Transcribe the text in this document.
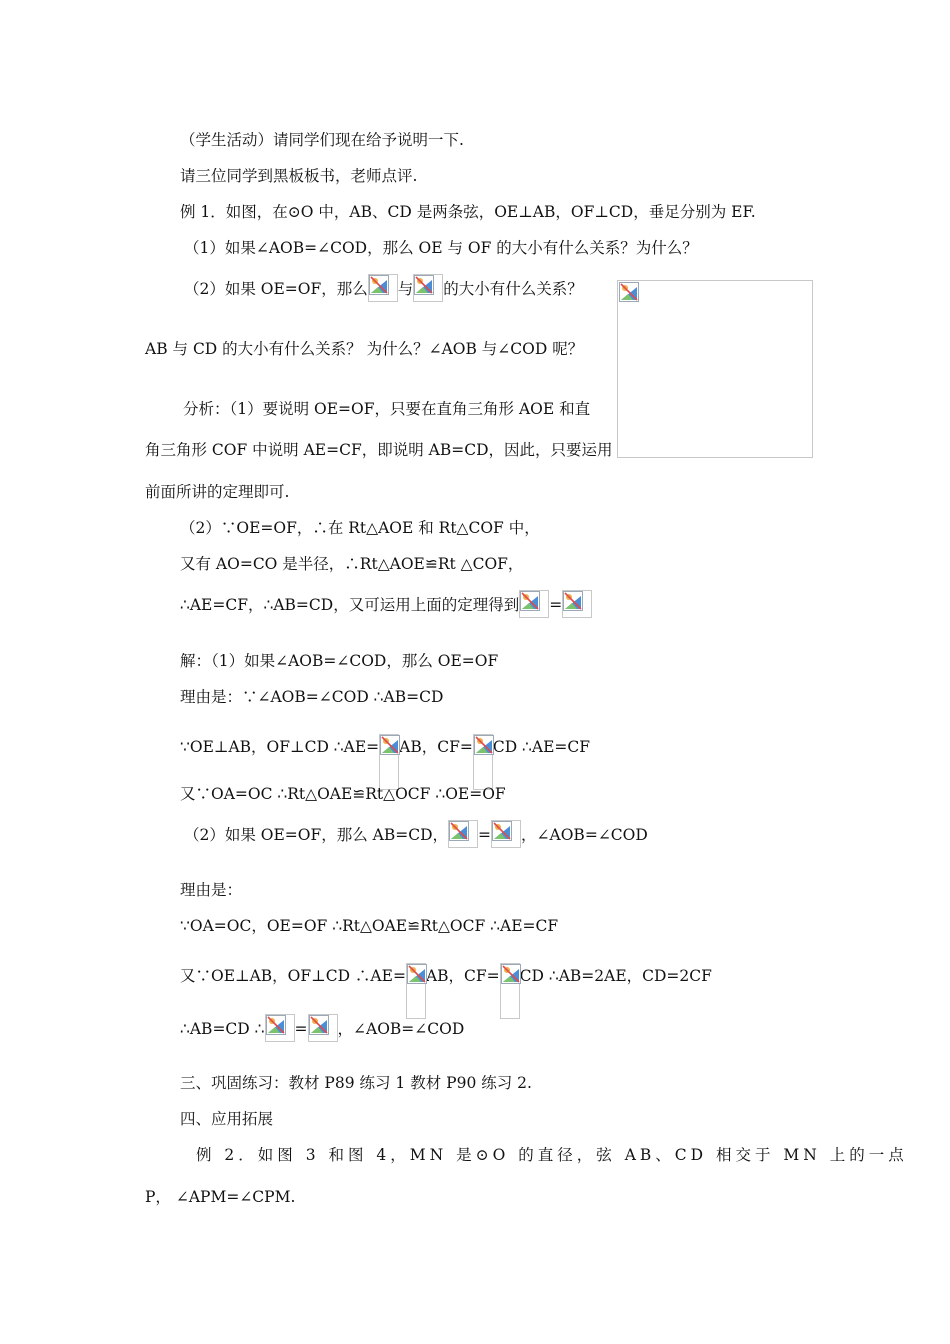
（学生活动）请同学们现在给予说明一下.
请三位同学到黑板板书，老师点评.
例 1．如图，在⊙O 中，AB、CD 是两条弦，OE⊥AB，OF⊥CD，垂足分别为 EF.
（1）如果∠AOB=∠COD，那么 OE 与 OF 的大小有什么关系？为什么？
（2）如果 OE=OF，那么 与 的大小有什么关系？
AB 与 CD 的大小有什么关系？ 为什么？∠AOB 与∠COD 呢？
分析：（1）要说明 OE=OF，只要在直角三角形 AOE 和直
角三角形 COF 中说明 AE=CF，即说明 AB=CD，因此，只要运用
前面所讲的定理即可.
（2）∵OE=OF，∴在 Rt△AOE 和 Rt△COF 中，
又有 AO=CO 是半径，∴Rt△AOE≌Rt △COF，
∴AE=CF，∴AB=CD，又可运用上面的定理得到 =
解：（1）如果∠AOB=∠COD，那么 OE=OF
理由是：∵∠AOB=∠COD ∴AB=CD
∵OE⊥AB，OF⊥CD ∴AE= AB，CF= CD ∴AE=CF
又∵OA=OC ∴Rt△OAE≌Rt△OCF ∴OE=OF
（2）如果 OE=OF，那么 AB=CD， = ，∠AOB=∠COD
理由是：
∵OA=OC，OE=OF ∴Rt△OAE≌Rt△OCF ∴AE=CF
又∵OE⊥AB，OF⊥CD ∴AE= AB，CF= CD ∴AB=2AE，CD=2CF
∴AB=CD ∴ = ，∠AOB=∠COD
三、巩固练习：教材 P89 练习 1 教材 P90 练习 2.
四、应用拓展
例 2．如图 3 和图 4，MN 是⊙O 的直径，弦 AB、CD 相交于 MN 上的一点
P， ∠APM=∠CPM.
